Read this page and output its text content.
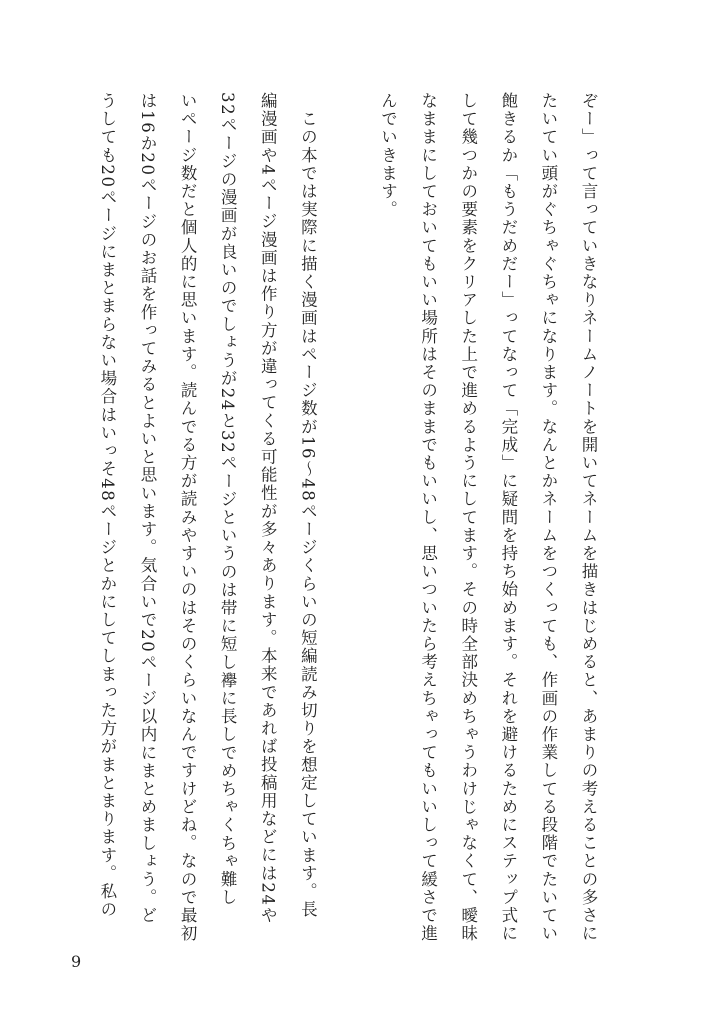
ぞー」って言っていきなりネームノートを開いてネームを描きはじめると、あまりの考えることの多さに
たいてい頭がぐちゃぐちゃになります。なんとかネームをつくっても、作画の作業してる段階でたいてい
飽きるか「もうだめだー」ってなって「完成」に疑問を持ち始めます。それを避けるためにステップ式に
して幾つかの要素をクリアした上で進めるようにしてます。その時全部決めちゃうわけじゃなくて、曖昧
なままにしておいてもいい場所はそのままでもいいし、思いついたら考えちゃってもいいしって緩さで進
んでいきます。
　この本では実際に描く漫画はページ数が16〜48ページくらいの短編読み切りを想定しています。長
編漫画や4ページ漫画は作り方が違ってくる可能性が多々あります。本来であれば投稿用などには24や
32ページの漫画が良いのでしょうが24と32ページというのは帯に短し襷に長しでめちゃくちゃ難し
いページ数だと個人的に思います。読んでる方が読みやすいのはそのくらいなんですけどね。なので最初
は16か20ページのお話を作ってみるとよいと思います。気合いで20ページ以内にまとめましょう。ど
うしても20ページにまとまらない場合はいっそ48ページとかにしてしまった方がまとまります。私の
9
